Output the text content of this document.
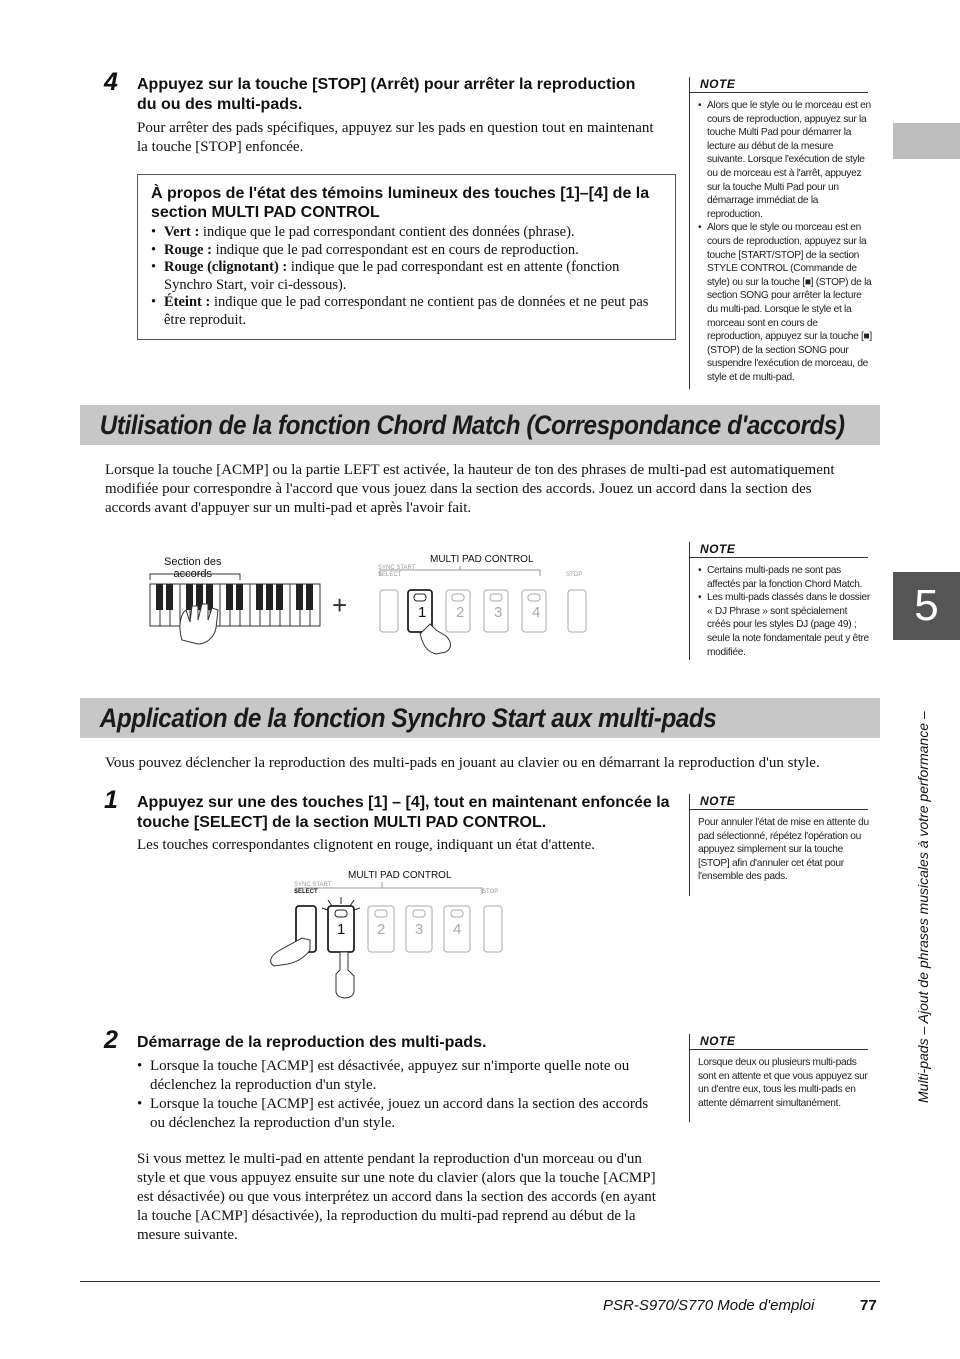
4 Appuyez sur la touche [STOP] (Arrêt) pour arrêter la reproduction du ou des multi-pads.
Pour arrêter des pads spécifiques, appuyez sur les pads en question tout en maintenant la touche [STOP] enfoncée.
À propos de l'état des témoins lumineux des touches [1]–[4] de la section MULTI PAD CONTROL
• Vert : indique que le pad correspondant contient des données (phrase).
• Rouge : indique que le pad correspondant est en cours de reproduction.
• Rouge (clignotant) : indique que le pad correspondant est en attente (fonction Synchro Start, voir ci-dessous).
• Éteint : indique que le pad correspondant ne contient pas de données et ne peut pas être reproduit.
NOTE

• Alors que le style ou le morceau est en cours de reproduction, appuyez sur la touche Multi Pad pour démarrer la lecture au début de la mesure suivante. Lorsque l'exécution de style ou de morceau est à l'arrêt, appuyez sur la touche Multi Pad pour un démarrage immédiat de la reproduction.

• Alors que le style ou morceau est en cours de reproduction, appuyez sur la touche [START/STOP] de la section STYLE CONTROL (Commande de style) ou sur la touche [■] (STOP) de la section SONG pour arrêter la lecture du multi-pad. Lorsque le style et la morceau sont en cours de reproduction, appuyez sur la touche [■] (STOP) de la section SONG pour suspendre l'exécution de morceau, de style et de multi-pad.

Utilisation de la fonction Chord Match (Correspondance d'accords)
Lorsque la touche [ACMP] ou la partie LEFT est activée, la hauteur de ton des phrases de multi-pad est automatiquement modifiée pour correspondre à l'accord que vous jouez dans la section des accords. Jouez un accord dans la section des accords avant d'appuyer sur un multi-pad et après l'avoir fait.
+
Section des
accords
MULTI PAD CONTROL
SYNC START
SELECT	STOP
1 2 3 4
NOTE

• Certains multi-pads ne sont pas affectés par la fonction Chord Match.

• Les multi-pads classés dans le dossier « DJ Phrase » sont spécialement créés pour les styles DJ (page 49) ; seule la note fondamentale peut y être modifiée.

Application de la fonction Synchro Start aux multi-pads
Vous pouvez déclencher la reproduction des multi-pads en jouant au clavier ou en démarrant la reproduction d'un style.
1 Appuyez sur une des touches [1] – [4], tout en maintenant enfoncée la touche [SELECT] de la section MULTI PAD CONTROL.
Les touches correspondantes clignotent en rouge, indiquant un état d'attente.
NOTE

Pour annuler l'état de mise en attente du pad sélectionné, répétez l'opération ou appuyez simplement sur la touche [STOP] afin d'annuler cet état pour l'ensemble des pads.

MULTI PAD CONTROL
SYNC START
SELECT	STOP
1 2 3 4
2 Démarrage de la reproduction des multi-pads.
• Lorsque la touche [ACMP] est désactivée, appuyez sur n'importe quelle note ou déclenchez la reproduction d'un style.
• Lorsque la touche [ACMP] est activée, jouez un accord dans la section des accords ou déclenchez la reproduction d'un style.
Si vous mettez le multi-pad en attente pendant la reproduction d'un morceau ou d'un style et que vous appuyez ensuite sur une note du clavier (alors que la touche [ACMP] est désactivée) ou que vous interprétez un accord dans la section des accords (en ayant la touche [ACMP] désactivée), la reproduction du multi-pad reprend au début de la mesure suivante.
NOTE

Lorsque deux ou plusieurs multi-pads sont en attente et que vous appuyez sur un d'entre eux, tous les multi-pads en attente démarrent simultanément.

5
Multi-pads – Ajout de phrases musicales à votre performance –
PSR-S970/S770 Mode d'emploi	77
